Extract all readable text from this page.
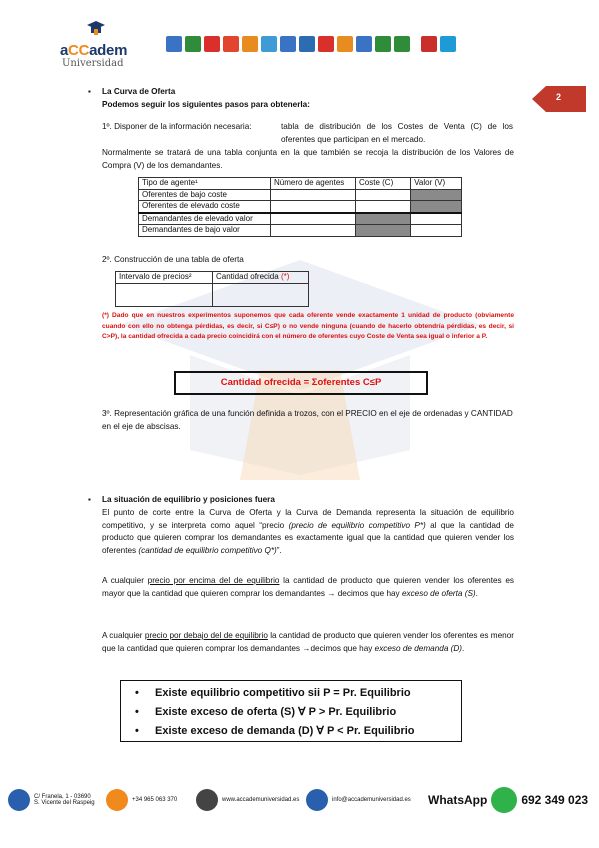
aCCadem
Universidad
2
▪ La Curva de Oferta
Podemos seguir los siguientes pasos para obtenerla:
1º. Disponer de la información necesaria:	tabla de distribución de los Costes de Venta (C) de los oferentes que participan en el mercado.
Normalmente se tratará de una tabla conjunta en la que también se recoja la distribución de los Valores de Compra (V) de los demandantes.
Tipo de agente¹	Número de agentes	Coste (C)	Valor (V)
Oferentes de bajo coste			
Oferentes de elevado coste			
Demandantes de elevado valor			
Demandantes de bajo valor			
2º. Construcción de una tabla de oferta
Intervalo de precios²	Cantidad ofrecida (*)

(*) Dado que en nuestros experimentos suponemos que cada oferente vende exactamente 1 unidad de producto (obviamente cuando con ello no obtenga pérdidas, es decir, si C≤P) o no vende ninguna (cuando de hacerlo obtendría pérdidas, es decir, si C>P), la cantidad ofrecida a cada precio coincidirá con el número de oferentes cuyo Coste de Venta sea igual o inferior a P.
Cantidad ofrecida = Σoferentes C≤P
3º. Representación gráfica de una función definida a trozos, con el PRECIO en el eje de ordenadas y CANTIDAD en el eje de abscisas.
▪ La situación de equilibrio y posiciones fuera
El punto de corte entre la Curva de Oferta y la Curva de Demanda representa la situación de equilibrio competitivo, y se interpreta como aquel “precio (precio de equilibrio competitivo P*) al que la cantidad de producto que quieren comprar los demandantes es exactamente igual que la cantidad que quieren vender los oferentes (cantidad de equilibrio competitivo Q*)”.
A cualquier precio por encima del de equilibrio la cantidad de producto que quieren vender los oferentes es mayor que la cantidad que quieren comprar los demandantes → decimos que hay exceso de oferta (S).
A cualquier precio por debajo del de equilibrio la cantidad de producto que quieren vender los oferentes es menor que la cantidad que quieren comprar los demandantes →decimos que hay exceso de demanda (D).
• Existe equilibrio competitivo sii P = Pr. Equilibrio
• Existe exceso de oferta (S) ∀ P > Pr. Equilibrio
• Existe exceso de demanda (D) ∀ P < Pr. Equilibrio
C/ Franela, 1 - 03690
S. Vicente del Raspeig	+34 965 063 370	www.accademuniversidad.es	info@accademuniversidad.es WhatsApp	692 349 023
